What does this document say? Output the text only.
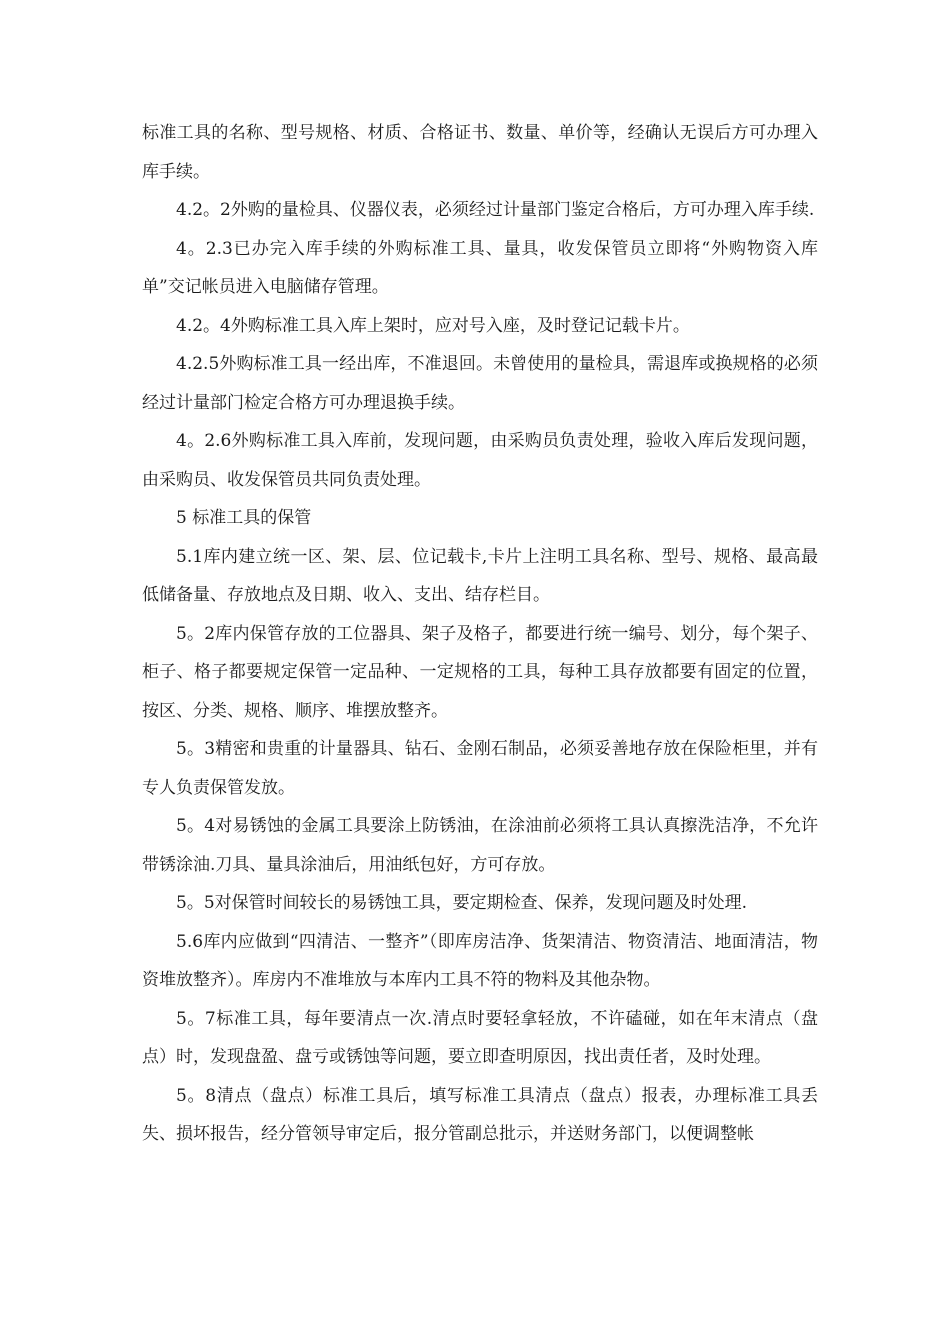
标准工具的名称、型号规格、材质、合格证书、数量、单价等，经确认无误后方可办理入库手续。

4.2。2外购的量检具、仪器仪表，必须经过计量部门鉴定合格后，方可办理入库手续.

4。2.3已办完入库手续的外购标准工具、量具，收发保管员立即将“外购物资入库单”交记帐员进入电脑储存管理。

4.2。4外购标准工具入库上架时，应对号入座，及时登记记载卡片。

4.2.5外购标准工具一经出库，不准退回。未曾使用的量检具，需退库或换规格的必须经过计量部门检定合格方可办理退换手续。

4。2.6外购标准工具入库前，发现问题，由采购员负责处理，验收入库后发现问题，由采购员、收发保管员共同负责处理。

5 标准工具的保管

5.1库内建立统一区、架、层、位记载卡,卡片上注明工具名称、型号、规格、最高最低储备量、存放地点及日期、收入、支出、结存栏目。

5。2库内保管存放的工位器具、架子及格子，都要进行统一编号、划分，每个架子、柜子、格子都要规定保管一定品种、一定规格的工具，每种工具存放都要有固定的位置，按区、分类、规格、顺序、堆摆放整齐。

5。3精密和贵重的计量器具、钻石、金刚石制品，必须妥善地存放在保险柜里，并有专人负责保管发放。

5。4对易锈蚀的金属工具要涂上防锈油，在涂油前必须将工具认真擦洗洁净，不允许带锈涂油.刀具、量具涂油后，用油纸包好，方可存放。

5。5对保管时间较长的易锈蚀工具，要定期检查、保养，发现问题及时处理.

5.6库内应做到“四清洁、一整齐”（即库房洁净、货架清洁、物资清洁、地面清洁，物资堆放整齐）。库房内不准堆放与本库内工具不符的物料及其他杂物。

5。7标准工具，每年要清点一次.清点时要轻拿轻放，不许磕碰，如在年末清点（盘点）时，发现盘盈、盘亏或锈蚀等问题，要立即查明原因，找出责任者，及时处理。

5。8清点（盘点）标准工具后，填写标准工具清点（盘点）报表，办理标准工具丢失、损坏报告，经分管领导审定后，报分管副总批示，并送财务部门，以便调整帐
